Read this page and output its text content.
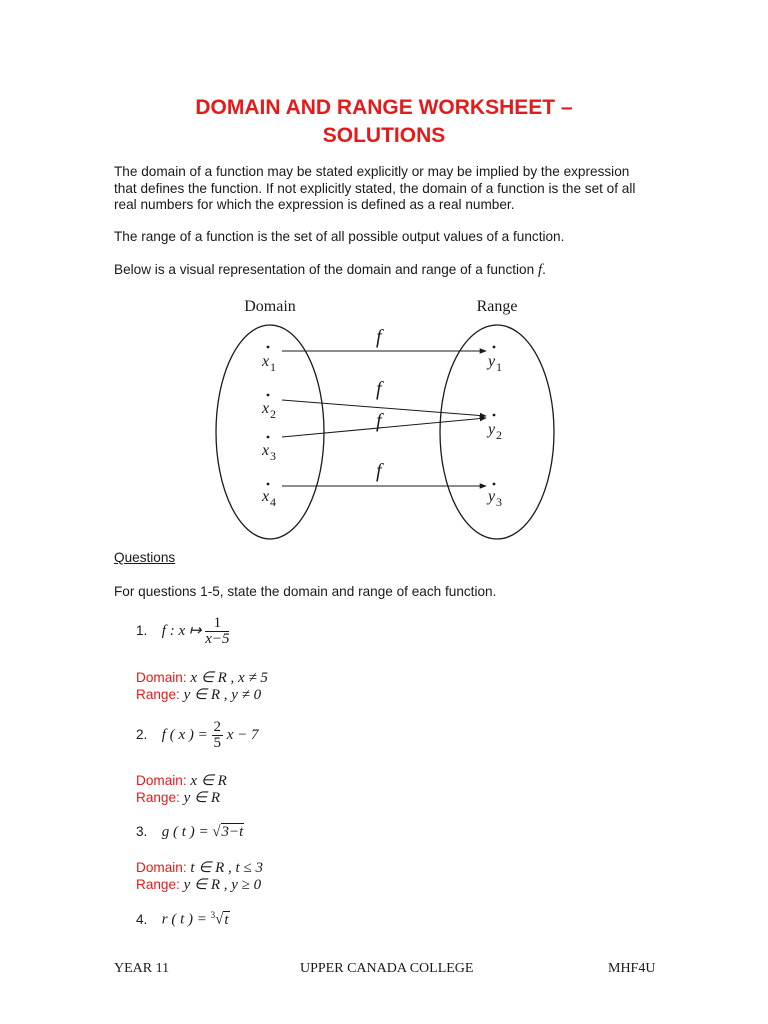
DOMAIN AND RANGE WORKSHEET –
SOLUTIONS

The domain of a function may be stated explicitly or may be implied by the expression that defines the function. If not explicitly stated, the domain of a function is the set of all real numbers for which the expression is defined as a real number.

The range of a function is the set of all possible output values of a function.

Below is a visual representation of the domain and range of a function f.

Domain	Range
f
f
f
f
x 1
x 2
x 3
x 4
y 1
y 2
y 3

Questions

For questions 1-5, state the domain and range of each function.

1. f : x ↦ $\frac{1}{x-5}$

Domain: x ∈ R , x ≠ 5

Range: y ∈ R , y ≠ 0

2. f ( x ) = $\frac{2}{5}$ x − 7

Domain: x ∈ R

Range: y ∈ R

3. g ( t ) = √3−t

Domain: t ∈ R , t ≤ 3

Range: y ∈ R , y ≥ 0

4. r ( t ) = $^3$√t

YEAR 11	UPPER CANADA COLLEGE	MHF4U
